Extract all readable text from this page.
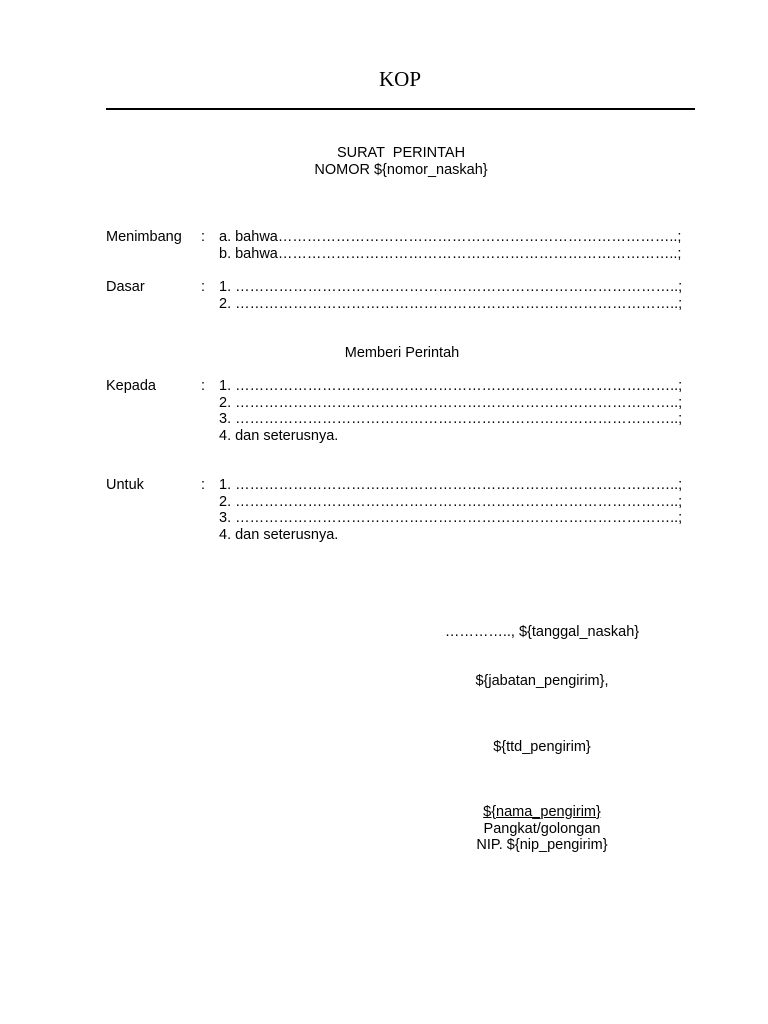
KOP
SURAT  PERINTAH
NOMOR ${nomor_naskah}
Menimbang : a. bahwa………………………………………………………………………..;
b. bahwa………………………………………………………………………..;
Dasar	: 1. ………………………………………………………………………………..;
2. ………………………………………………………………………………..;
Memberi Perintah
Kepada	: 1. ………………………………………………………………………………..;
2. ………………………………………………………………………………..;
3. ………………………………………………………………………………..;
4. dan seterusnya.
Untuk	: 1. ………………………………………………………………………………..;
2. ………………………………………………………………………………..;
3. ………………………………………………………………………………..;
4. dan seterusnya.
………….., ${tanggal_naskah}
${jabatan_pengirim},
${ttd_pengirim}
${nama_pengirim}
Pangkat/golongan
NIP. ${nip_pengirim}
